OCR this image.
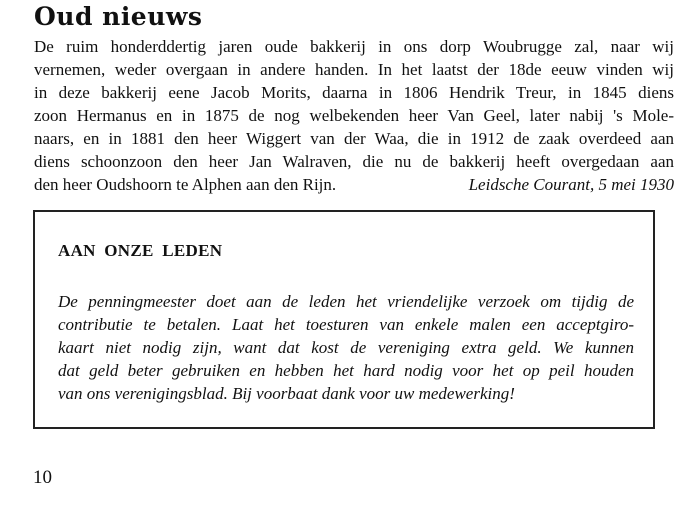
Oud nieuws

De ruim honderddertig jaren oude bakkerij in ons dorp Woubrugge zal, naar wij

vernemen, weder overgaan in andere handen. In het laatst der 18de eeuw vinden wij

in deze bakkerij eene Jacob Morits, daarna in 1806 Hendrik Treur, in 1845 diens

zoon Hermanus en in 1875 de nog welbekenden heer Van Geel, later nabij 's Mole-

naars, en in 1881 den heer Wiggert van der Waa, die in 1912 de zaak overdeed aan

diens schoonzoon den heer Jan Walraven, die nu de bakkerij heeft overgedaan aan

den heer Oudshoorn te Alphen aan den Rijn.	Leidsche Courant, 5 mei 1930

AAN ONZE LEDEN

De penningmeester doet aan de leden het vriendelijke verzoek om tijdig de

contributie te betalen. Laat het toesturen van enkele malen een acceptgiro-

kaart niet nodig zijn, want dat kost de vereniging extra geld. We kunnen

dat geld beter gebruiken en hebben het hard nodig voor het op peil houden

van ons verenigingsblad. Bij voorbaat dank voor uw medewerking!

10
